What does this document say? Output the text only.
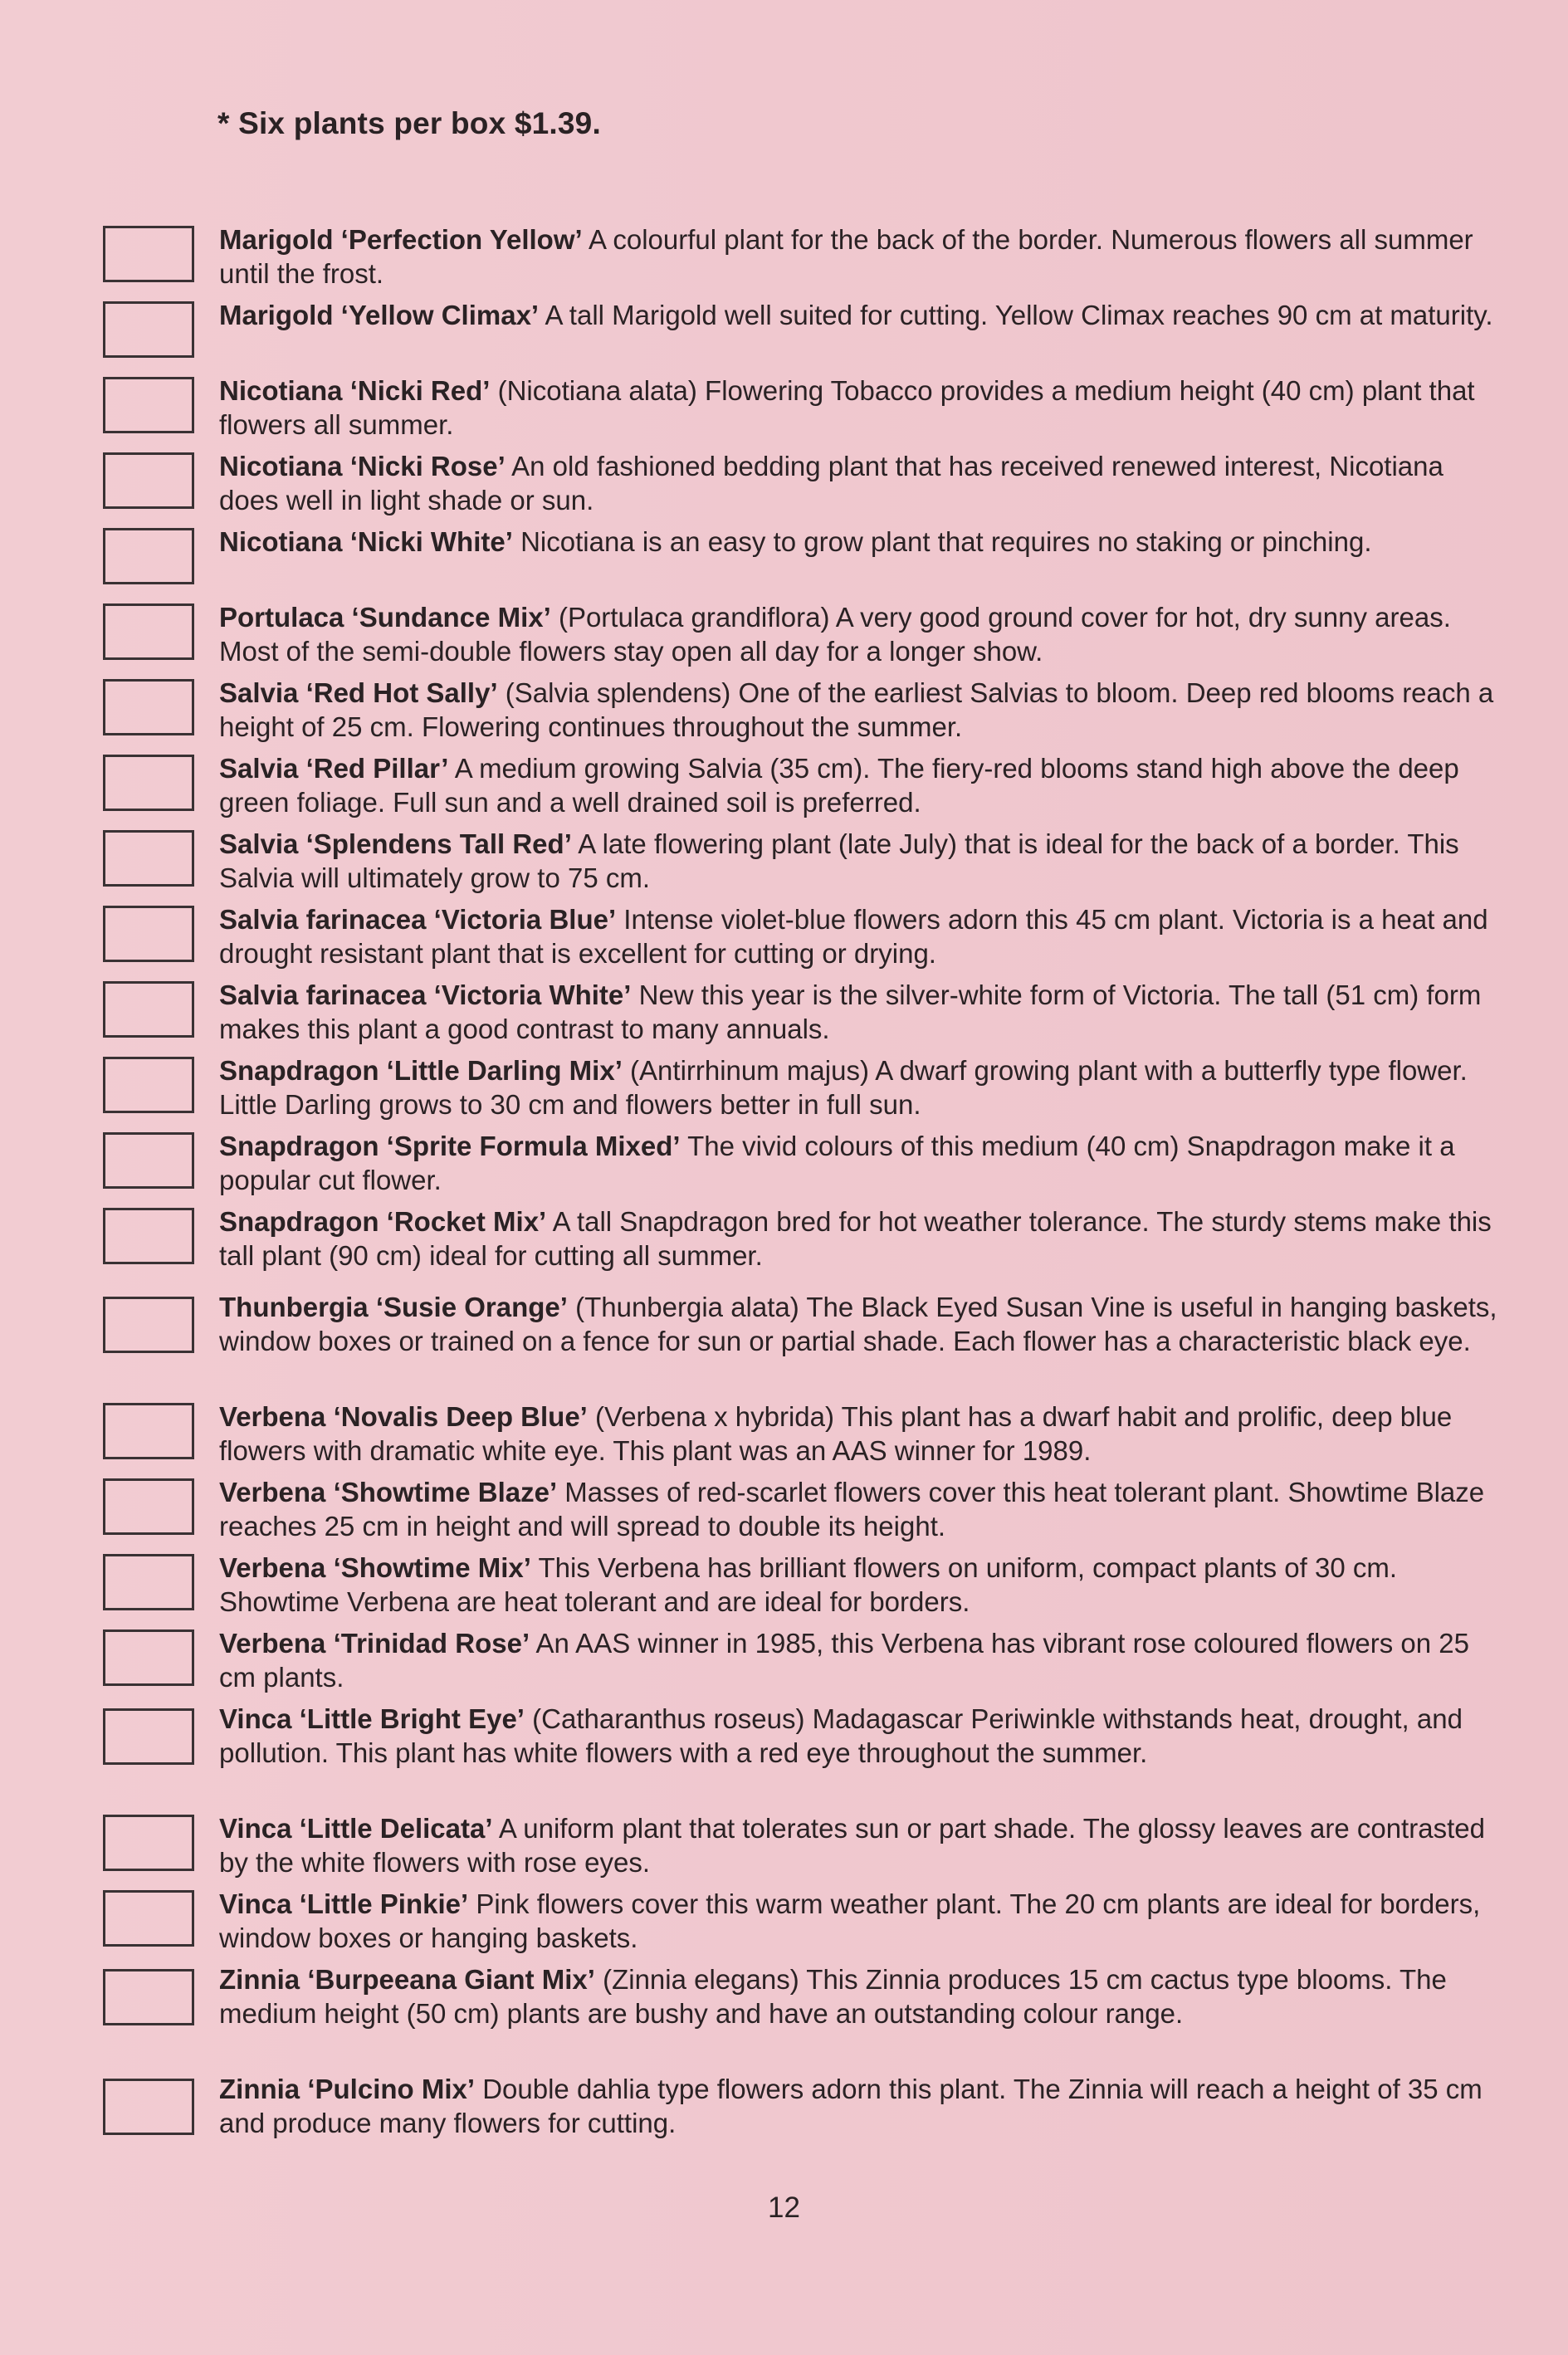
* Six plants per box $1.39.

Marigold ‘Perfection Yellow’ A colourful plant for the back of the border. Numerous flowers all summer until the frost.

Marigold ‘Yellow Climax’ A tall Marigold well suited for cutting. Yellow Climax reaches 90 cm at maturity.

Nicotiana ‘Nicki Red’ (Nicotiana alata) Flowering Tobacco provides a medium height (40 cm) plant that flowers all summer.

Nicotiana ‘Nicki Rose’ An old fashioned bedding plant that has received renewed interest, Nicotiana does well in light shade or sun.

Nicotiana ‘Nicki White’ Nicotiana is an easy to grow plant that requires no staking or pinching.

Portulaca ‘Sundance Mix’ (Portulaca grandiflora) A very good ground cover for hot, dry sunny areas. Most of the semi-double flowers stay open all day for a longer show.

Salvia ‘Red Hot Sally’ (Salvia splendens) One of the earliest Salvias to bloom. Deep red blooms reach a height of 25 cm. Flowering continues throughout the summer.

Salvia ‘Red Pillar’ A medium growing Salvia (35 cm). The fiery-red blooms stand high above the deep green foliage. Full sun and a well drained soil is preferred.

Salvia ‘Splendens Tall Red’ A late flowering plant (late July) that is ideal for the back of a border. This Salvia will ultimately grow to 75 cm.

Salvia farinacea ‘Victoria Blue’ Intense violet-blue flowers adorn this 45 cm plant. Victoria is a heat and drought resistant plant that is excellent for cutting or drying.

Salvia farinacea ‘Victoria White’ New this year is the silver-white form of Victoria. The tall (51 cm) form makes this plant a good contrast to many annuals.

Snapdragon ‘Little Darling Mix’ (Antirrhinum majus) A dwarf growing plant with a butterfly type flower. Little Darling grows to 30 cm and flowers better in full sun.

Snapdragon ‘Sprite Formula Mixed’ The vivid colours of this medium (40 cm) Snapdragon make it a popular cut flower.

Snapdragon ‘Rocket Mix’ A tall Snapdragon bred for hot weather tolerance. The sturdy stems make this tall plant (90 cm) ideal for cutting all summer.

Thunbergia ‘Susie Orange’ (Thunbergia alata) The Black Eyed Susan Vine is useful in hanging baskets, window boxes or trained on a fence for sun or partial shade. Each flower has a characteristic black eye.

Verbena ‘Novalis Deep Blue’ (Verbena x hybrida) This plant has a dwarf habit and prolific, deep blue flowers with dramatic white eye. This plant was an AAS winner for 1989.

Verbena ‘Showtime Blaze’ Masses of red-scarlet flowers cover this heat tolerant plant. Showtime Blaze reaches 25 cm in height and will spread to double its height.

Verbena ‘Showtime Mix’ This Verbena has brilliant flowers on uniform, compact plants of 30 cm. Showtime Verbena are heat tolerant and are ideal for borders.

Verbena ‘Trinidad Rose’ An AAS winner in 1985, this Verbena has vibrant rose coloured flowers on 25 cm plants.

Vinca ‘Little Bright Eye’ (Catharanthus roseus) Madagascar Periwinkle withstands heat, drought, and pollution. This plant has white flowers with a red eye throughout the summer.

Vinca ‘Little Delicata’ A uniform plant that tolerates sun or part shade. The glossy leaves are contrasted by the white flowers with rose eyes.

Vinca ‘Little Pinkie’ Pink flowers cover this warm weather plant. The 20 cm plants are ideal for borders, window boxes or hanging baskets.

Zinnia ‘Burpeeana Giant Mix’ (Zinnia elegans) This Zinnia produces 15 cm cactus type blooms. The medium height (50 cm) plants are bushy and have an outstanding colour range.

Zinnia ‘Pulcino Mix’ Double dahlia type flowers adorn this plant. The Zinnia will reach a height of 35 cm and produce many flowers for cutting.

12
